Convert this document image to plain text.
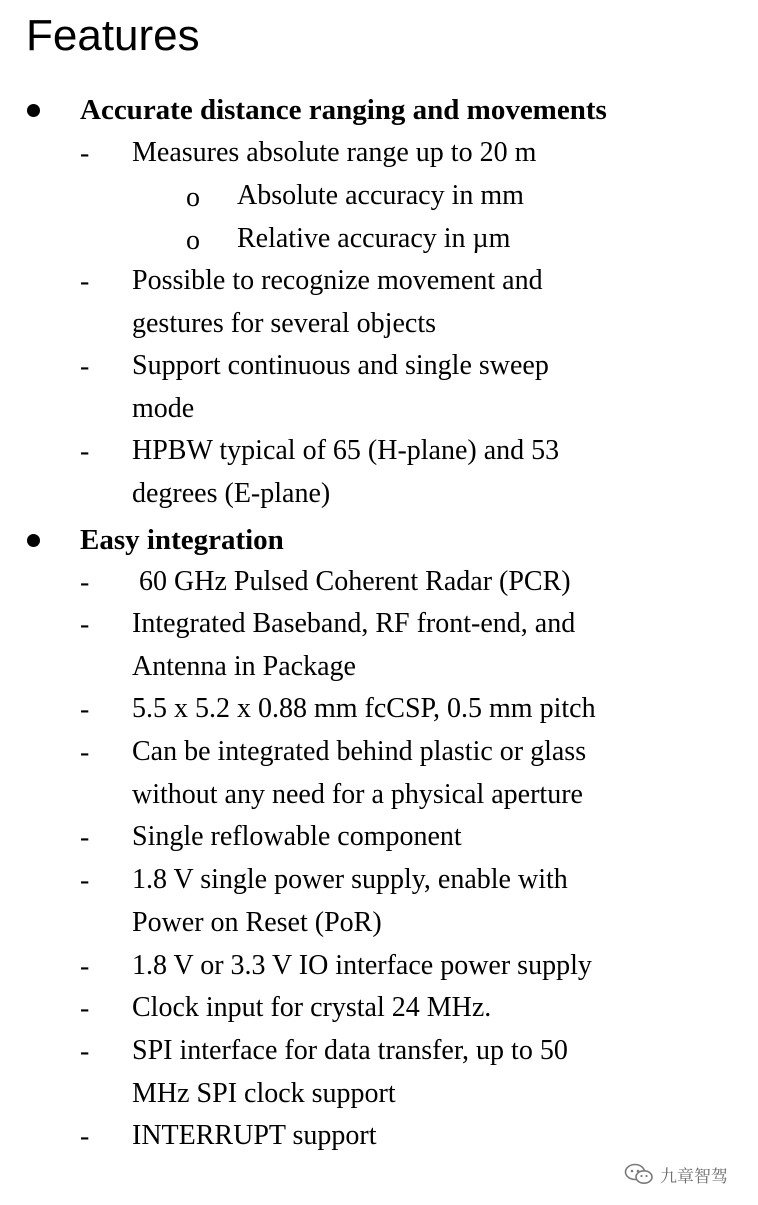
Features
Accurate distance ranging and movements
- Measures absolute range up to 20 m
o Absolute accuracy in mm
o Relative accuracy in µm
- Possible to recognize movement and
gestures for several objects
- Support continuous and single sweep
mode
- HPBW typical of 65 (H-plane) and 53
degrees (E-plane)
Easy integration
- 60 GHz Pulsed Coherent Radar (PCR)
- Integrated Baseband, RF front-end, and
Antenna in Package
- 5.5 x 5.2 x 0.88 mm fcCSP, 0.5 mm pitch
- Can be integrated behind plastic or glass
without any need for a physical aperture
- Single reflowable component
- 1.8 V single power supply, enable with
Power on Reset (PoR)
- 1.8 V or 3.3 V IO interface power supply
- Clock input for crystal 24 MHz.
- SPI interface for data transfer, up to 50
MHz SPI clock support
- INTERRUPT support
九章智驾
